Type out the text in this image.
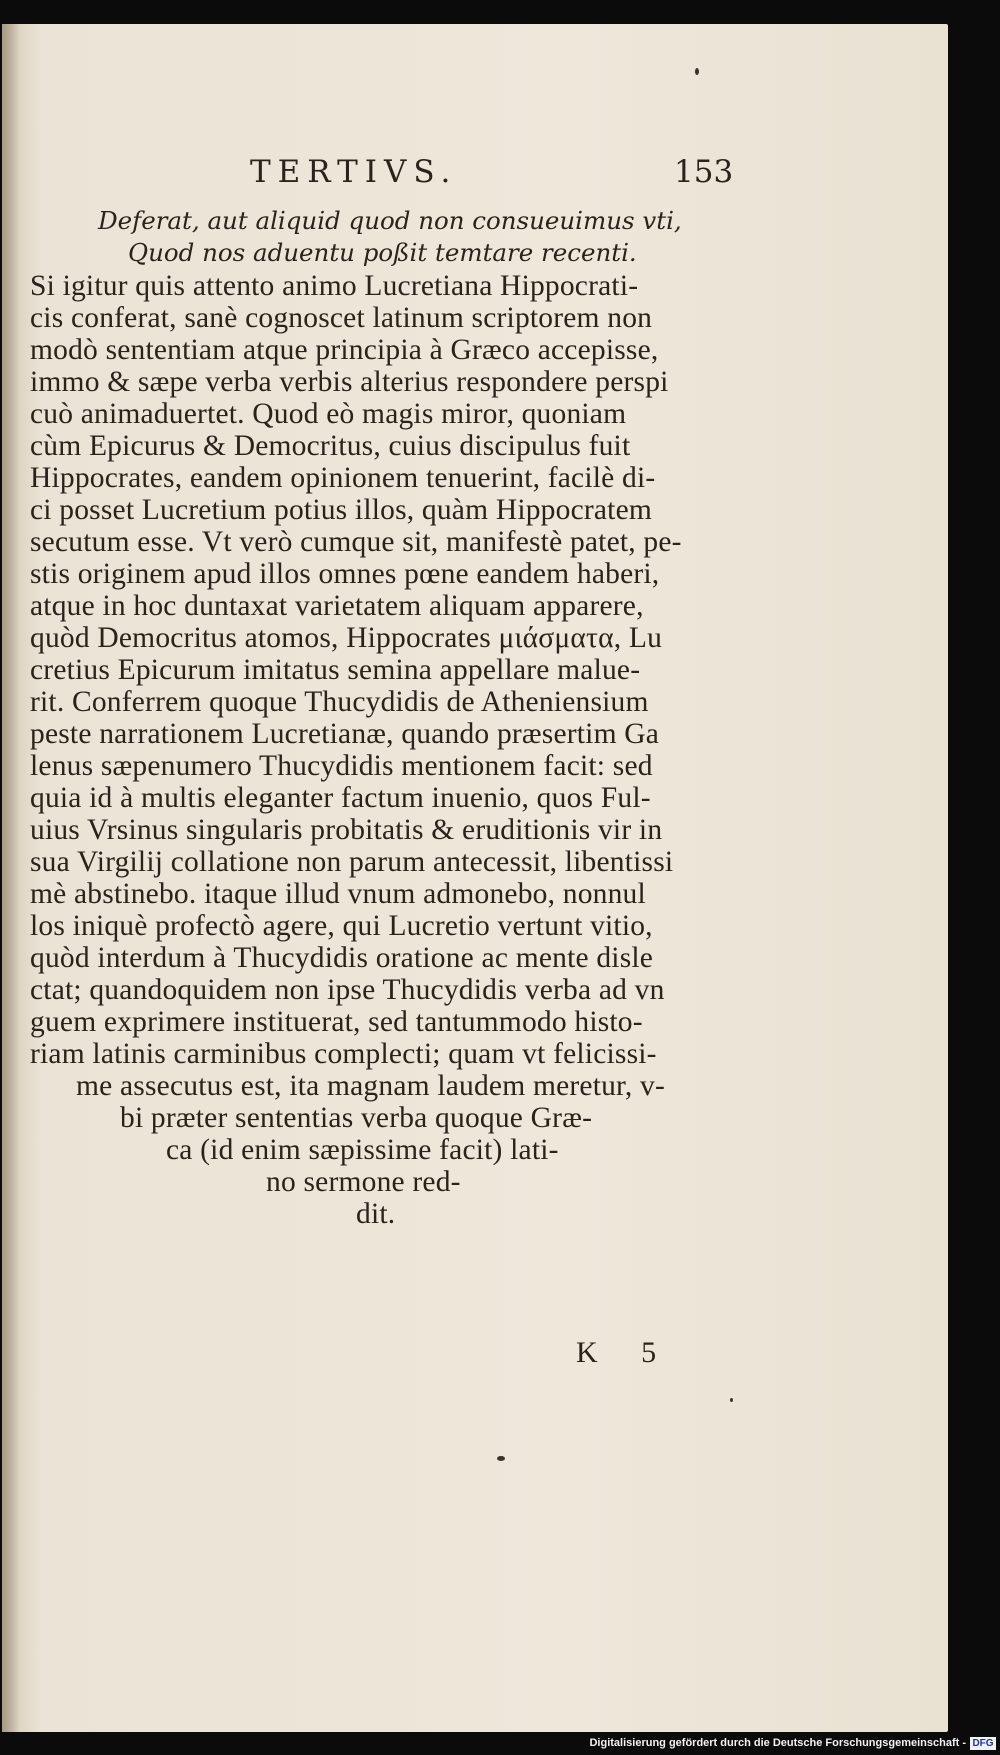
TERTIVS.	153
Deferat, aut aliquid quod non consueuimus vti,
Quod nos aduentu poßit temtare recenti.
Si igitur quis attento animo Lucretiana Hippocrati-
cis conferat, sanè cognoscet latinum scriptorem non
modò sententiam atque principia à Græco accepisse,
immo & sæpe verba verbis alterius respondere perspi
cuò animaduertet. Quod eò magis miror, quoniam
cùm Epicurus & Democritus, cuius discipulus fuit
Hippocrates, eandem opinionem tenuerint, facilè di-
ci posset Lucretium potius illos, quàm Hippocratem
secutum esse. Vt verò cumque sit, manifestè patet, pe-
stis originem apud illos omnes pœne eandem haberi,
atque in hoc duntaxat varietatem aliquam apparere,
quòd Democritus atomos, Hippocrates μιάσματα, Lu
cretius Epicurum imitatus semina appellare malue-
rit. Conferrem quoque Thucydidis de Atheniensium
peste narrationem Lucretianæ, quando præsertim Ga
lenus sæpenumero Thucydidis mentionem facit: sed
quia id à multis eleganter factum inuenio, quos Ful-
uius Vrsinus singularis probitatis & eruditionis vir in
sua Virgilij collatione non parum antecessit, libentissi
mè abstinebo. itaque illud vnum admonebo, nonnul
los iniquè profectò agere, qui Lucretio vertunt vitio,
quòd interdum à Thucydidis oratione ac mente disle
ctat; quandoquidem non ipse Thucydidis verba ad vn
guem exprimere instituerat, sed tantummodo histo-
riam latinis carminibus complecti; quam vt felicissi-
me assecutus est, ita magnam laudem meretur, v-
bi præter sententias verba quoque Græ-
ca (id enim sæpissime facit) lati-
no sermone red-
dit.
K 5
Digitalisierung gefördert durch die Deutsche Forschungsgemeinschaft - DFG
